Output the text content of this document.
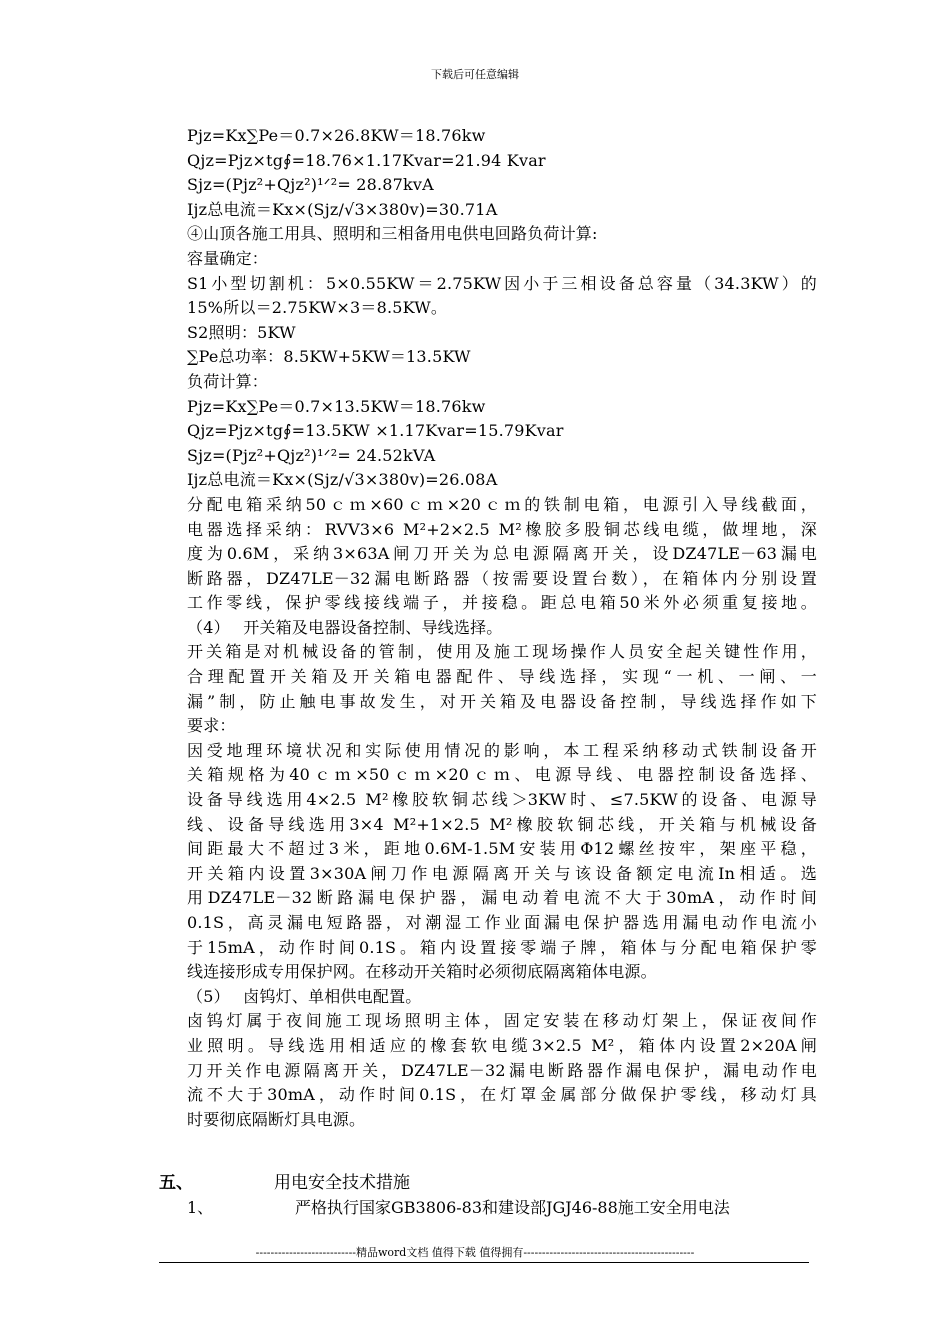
下载后可任意编辑
Pjz=Kx∑Pe＝0.7×26.8KW＝18.76kw
Qjz=Pjz×tg∮=18.76×1.17Kvar=21.94 Kvar
Sjz=(Pjz²+Qjz²)¹ᐟ²= 28.87kvA
Ijz总电流＝Kx×(Sjz/√3×380v)=30.71A
④山顶各施工用具、照明和三相备用电供电回路负荷计算:
容量确定：
S1小型切割机：5×0.55KW＝2.75KW因小于三相设备总容量（34.3KW）的
15%所以＝2.75KW×3＝8.5KW。
S2照明：5KW
∑Pe总功率：8.5KW+5KW＝13.5KW
负荷计算：
Pjz=Kx∑Pe＝0.7×13.5KW＝18.76kw
Qjz=Pjz×tg∮=13.5KW ×1.17Kvar=15.79Kvar
Sjz=(Pjz²+Qjz²)¹ᐟ²= 24.52kVA
Ijz总电流＝Kx×(Sjz/√3×380v)=26.08A
分配电箱采纳50ｃｍ×60ｃｍ×20ｃｍ的铁制电箱，电源引入导线截面，
电器选择采纳：RVV3×6 M²+2×2.5 M²橡胶多股铜芯线电缆，做埋地，深
度为0.6M，采纳3×63A闸刀开关为总电源隔离开关，设DZ47LE－63漏电
断路器，DZ47LE－32漏电断路器（按需要设置台数），在箱体内分别设置
工作零线，保护零线接线端子，并接稳。距总电箱50米外必须重复接地。
（4）　 开关箱及电器设备控制、导线选择。
开关箱是对机械设备的管制，使用及施工现场操作人员安全起关键性作用，
合理配置开关箱及开关箱电器配件、导线选择，实现“一机、一闸、一
漏”制，防止触电事故发生，对开关箱及电器设备控制，导线选择作如下
要求：
因受地理环境状况和实际使用情况的影响，本工程采纳移动式铁制设备开
关箱规格为40ｃｍ×50ｃｍ×20ｃｍ、电源导线、电器控制设备选择、
设备导线选用4×2.5 M²橡胶软铜芯线＞3KW时、≤7.5KW的设备、电源导
线、设备导线选用3×4 M²+1×2.5 M²橡胶软铜芯线，开关箱与机械设备
间距最大不超过3米，距地0.6M-1.5M安装用Φ12螺丝按牢，架座平稳，
开关箱内设置3×30A闸刀作电源隔离开关与该设备额定电流In相适。选
用DZ47LE－32断路漏电保护器，漏电动着电流不大于30mA，动作时间
0.1S，高灵漏电短路器，对潮湿工作业面漏电保护器选用漏电动作电流小
于15mA，动作时间0.1S。箱内设置接零端子牌，箱体与分配电箱保护零
线连接形成专用保护网。在移动开关箱时必须彻底隔离箱体电源。
（5）　 卤钨灯、单相供电配置。
卤钨灯属于夜间施工现场照明主体，固定安装在移动灯架上，保证夜间作
业照明。导线选用相适应的橡套软电缆3×2.5 M²，箱体内设置2×20A闸
刀开关作电源隔离开关，DZ47LE－32漏电断路器作漏电保护，漏电动作电
流不大于30mA，动作时间0.1S，在灯罩金属部分做保护零线，移动灯具
时要彻底隔断灯具电源。
五、	用电安全技术措施
1、	严格执行国家GB3806-83和建设部JGJ46-88施工安全用电法
---------------------------精品word文档 值得下载 值得拥有----------------------------------------------
